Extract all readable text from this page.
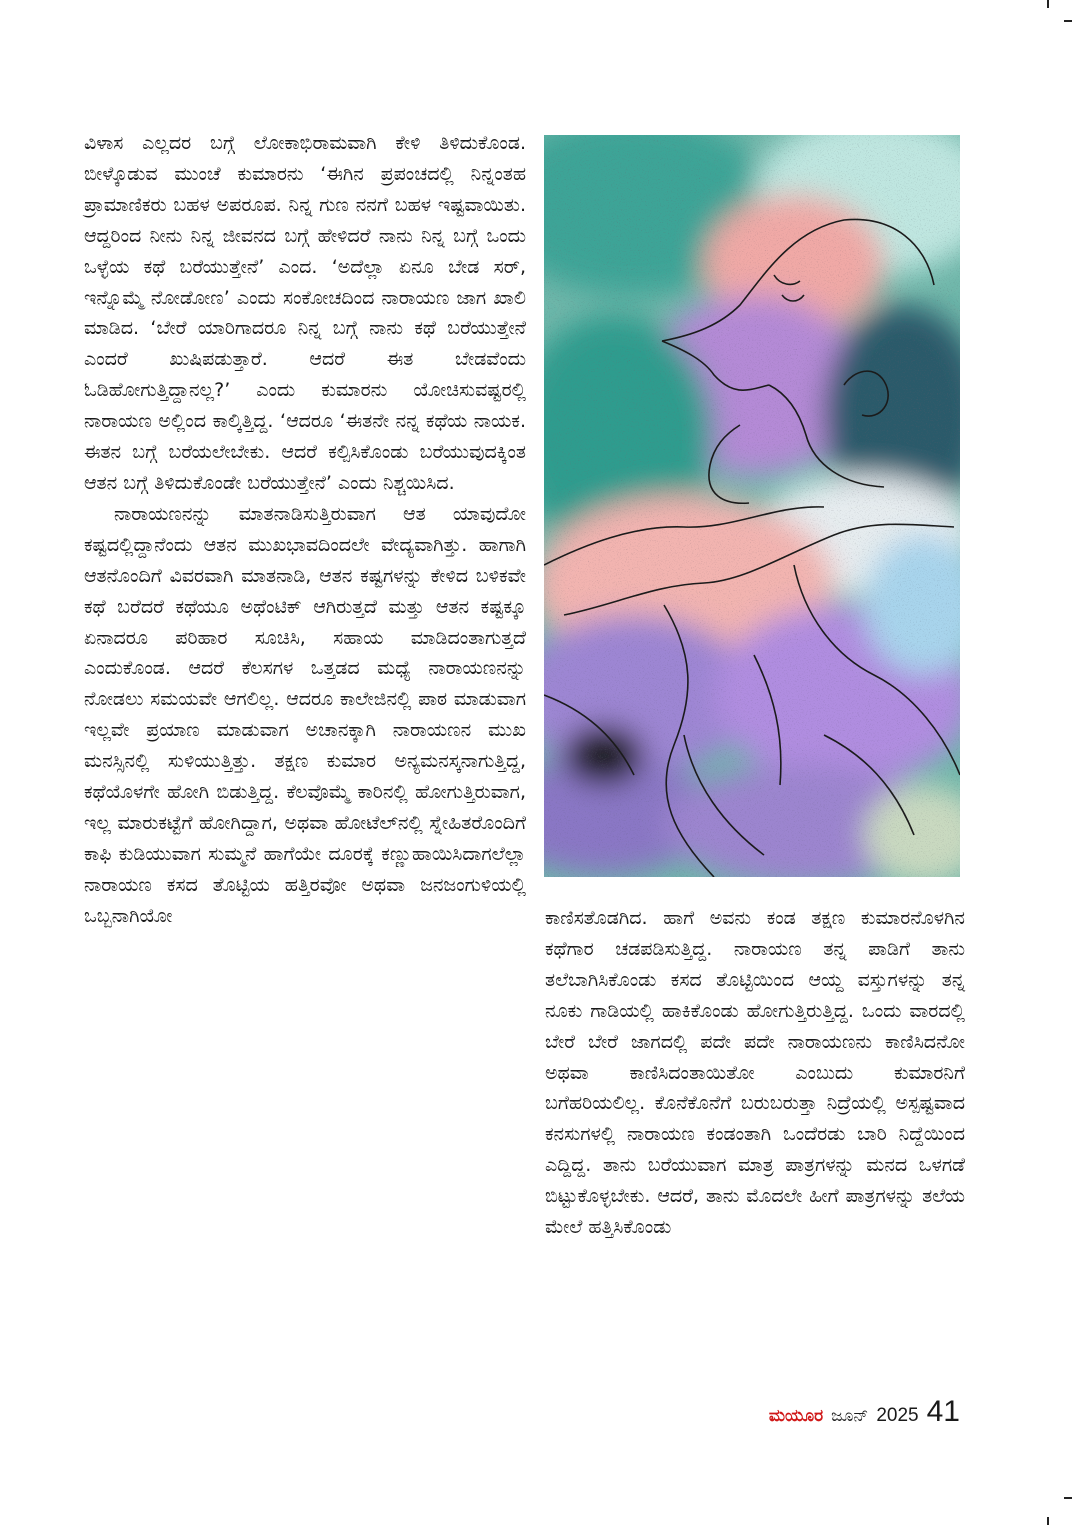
ವಿಳಾಸ ಎಲ್ಲದರ ಬಗ್ಗೆ ಲೋಕಾಭಿರಾಮವಾಗಿ ಕೇಳಿ ತಿಳಿದುಕೊಂಡ. ಬೀಳ್ಕೊಡುವ ಮುಂಚೆ ಕುಮಾರನು ‘ಈಗಿನ ಪ್ರಪಂಚದಲ್ಲಿ ನಿನ್ನಂತಹ ಪ್ರಾಮಾಣಿಕರು ಬಹಳ ಅಪರೂಪ. ನಿನ್ನ ಗುಣ ನನಗೆ ಬಹಳ ಇಷ್ಟವಾಯಿತು. ಆದ್ದರಿಂದ ನೀನು ನಿನ್ನ ಜೀವನದ ಬಗ್ಗೆ ಹೇಳಿದರೆ ನಾನು ನಿನ್ನ ಬಗ್ಗೆ ಒಂದು ಒಳ್ಳೆಯ ಕಥೆ ಬರೆಯುತ್ತೇನೆ’ ಎಂದ. ‘ಅದೆಲ್ಲಾ ಏನೂ ಬೇಡ ಸರ್, ಇನ್ನೊಮ್ಮೆ ನೋಡೋಣ’ ಎಂದು ಸಂಕೋಚದಿಂದ ನಾರಾಯಣ ಜಾಗ ಖಾಲಿ ಮಾಡಿದ. ‘ಬೇರೆ ಯಾರಿಗಾದರೂ ನಿನ್ನ ಬಗ್ಗೆ ನಾನು ಕಥೆ ಬರೆಯುತ್ತೇನೆ ಎಂದರೆ ಖುಷಿಪಡುತ್ತಾರೆ. ಆದರೆ ಈತ ಬೇಡವೆಂದು ಓಡಿಹೋಗುತ್ತಿದ್ದಾನಲ್ಲ?’ ಎಂದು ಕುಮಾರನು ಯೋಚಿಸುವಷ್ಟರಲ್ಲಿ ನಾರಾಯಣ ಅಲ್ಲಿಂದ ಕಾಲ್ಕಿತ್ತಿದ್ದ. ‘ಆದರೂ ‘ಈತನೇ ನನ್ನ ಕಥೆಯ ನಾಯಕ. ಈತನ ಬಗ್ಗೆ ಬರೆಯಲೇಬೇಕು. ಆದರೆ ಕಲ್ಪಿಸಿಕೊಂಡು ಬರೆಯುವುದಕ್ಕಿಂತ ಆತನ ಬಗ್ಗೆ ತಿಳಿದುಕೊಂಡೇ ಬರೆಯುತ್ತೇನೆ’ ಎಂದು ನಿಶ್ಚಯಿಸಿದ.

ನಾರಾಯಣನನ್ನು ಮಾತನಾಡಿಸುತ್ತಿರುವಾಗ ಆತ ಯಾವುದೋ ಕಷ್ಟದಲ್ಲಿದ್ದಾನೆಂದು ಆತನ ಮುಖಭಾವದಿಂದಲೇ ವೇದ್ಯವಾಗಿತ್ತು. ಹಾಗಾಗಿ ಆತನೊಂದಿಗೆ ವಿವರವಾಗಿ ಮಾತನಾಡಿ, ಆತನ ಕಷ್ಟಗಳನ್ನು ಕೇಳಿದ ಬಳಿಕವೇ ಕಥೆ ಬರೆದರೆ ಕಥೆಯೂ ಅಥೆಂಟಿಕ್ ಆಗಿರುತ್ತದೆ ಮತ್ತು ಆತನ ಕಷ್ಟಕ್ಕೂ ಏನಾದರೂ ಪರಿಹಾರ ಸೂಚಿಸಿ, ಸಹಾಯ ಮಾಡಿದಂತಾಗುತ್ತದೆ ಎಂದುಕೊಂಡ. ಆದರೆ ಕೆಲಸಗಳ ಒತ್ತಡದ ಮಧ್ಯೆ ನಾರಾಯಣನನ್ನು ನೋಡಲು ಸಮಯವೇ ಆಗಲಿಲ್ಲ. ಆದರೂ ಕಾಲೇಜಿನಲ್ಲಿ ಪಾಠ ಮಾಡುವಾಗ ಇಲ್ಲವೇ ಪ್ರಯಾಣ ಮಾಡುವಾಗ ಅಚಾನಕ್ಕಾಗಿ ನಾರಾಯಣನ ಮುಖ ಮನಸ್ಸಿನಲ್ಲಿ ಸುಳಿಯುತ್ತಿತ್ತು. ತಕ್ಷಣ ಕುಮಾರ ಅನ್ಯಮನಸ್ಕನಾಗುತ್ತಿದ್ದ, ಕಥೆಯೊಳಗೇ ಹೋಗಿ ಬಿಡುತ್ತಿದ್ದ. ಕೆಲವೊಮ್ಮೆ ಕಾರಿನಲ್ಲಿ ಹೋಗುತ್ತಿರುವಾಗ, ಇಲ್ಲ ಮಾರುಕಟ್ಟೆಗೆ ಹೋಗಿದ್ದಾಗ, ಅಥವಾ ಹೋಟೆಲ್‌ನಲ್ಲಿ ಸ್ನೇಹಿತರೊಂದಿಗೆ ಕಾಫಿ ಕುಡಿಯುವಾಗ ಸುಮ್ಮನೆ ಹಾಗೆಯೇ ದೂರಕ್ಕೆ ಕಣ್ಣುಹಾಯಿಸಿದಾಗಲೆಲ್ಲಾ ನಾರಾಯಣ ಕಸದ ತೊಟ್ಟಿಯ ಹತ್ತಿರವೋ ಅಥವಾ ಜನಜಂಗುಳಿಯಲ್ಲಿ ಒಬ್ಬನಾಗಿಯೋ	ಕಾಣಿಸತೊಡಗಿದ. ಹಾಗೆ ಅವನು ಕಂಡ ತಕ್ಷಣ ಕುಮಾರನೊಳಗಿನ ಕಥೆಗಾರ ಚಡಪಡಿಸುತ್ತಿದ್ದ. ನಾರಾಯಣ ತನ್ನ ಪಾಡಿಗೆ ತಾನು ತಲೆಬಾಗಿಸಿಕೊಂಡು ಕಸದ ತೊಟ್ಟಿಯಿಂದ ಆಯ್ದ ವಸ್ತುಗಳನ್ನು ತನ್ನ ನೂಕು ಗಾಡಿಯಲ್ಲಿ ಹಾಕಿಕೊಂಡು ಹೋಗುತ್ತಿರುತ್ತಿದ್ದ. ಒಂದು ವಾರದಲ್ಲಿ ಬೇರೆ ಬೇರೆ ಜಾಗದಲ್ಲಿ ಪದೇ ಪದೇ ನಾರಾಯಣನು ಕಾಣಿಸಿದನೋ ಅಥವಾ ಕಾಣಿಸಿದಂತಾಯಿತೋ ಎಂಬುದು ಕುಮಾರನಿಗೆ ಬಗೆಹರಿಯಲಿಲ್ಲ. ಕೊನೆಕೊನೆಗೆ ಬರುಬರುತ್ತಾ ನಿದ್ರೆಯಲ್ಲಿ ಅಸ್ಪಷ್ಟವಾದ ಕನಸುಗಳಲ್ಲಿ ನಾರಾಯಣ ಕಂಡಂತಾಗಿ ಒಂದೆರಡು ಬಾರಿ ನಿದ್ದೆಯಿಂದ ಎದ್ದಿದ್ದ. ತಾನು ಬರೆಯುವಾಗ ಮಾತ್ರ ಪಾತ್ರಗಳನ್ನು ಮನದ ಒಳಗಡೆ ಬಿಟ್ಟುಕೊಳ್ಳಬೇಕು. ಆದರೆ, ತಾನು ಮೊದಲೇ ಹೀಗೆ ಪಾತ್ರಗಳನ್ನು ತಲೆಯ ಮೇಲೆ ಹತ್ತಿಸಿಕೊಂಡು

ಮಯೂರ ಜೂನ್ 2025 41
